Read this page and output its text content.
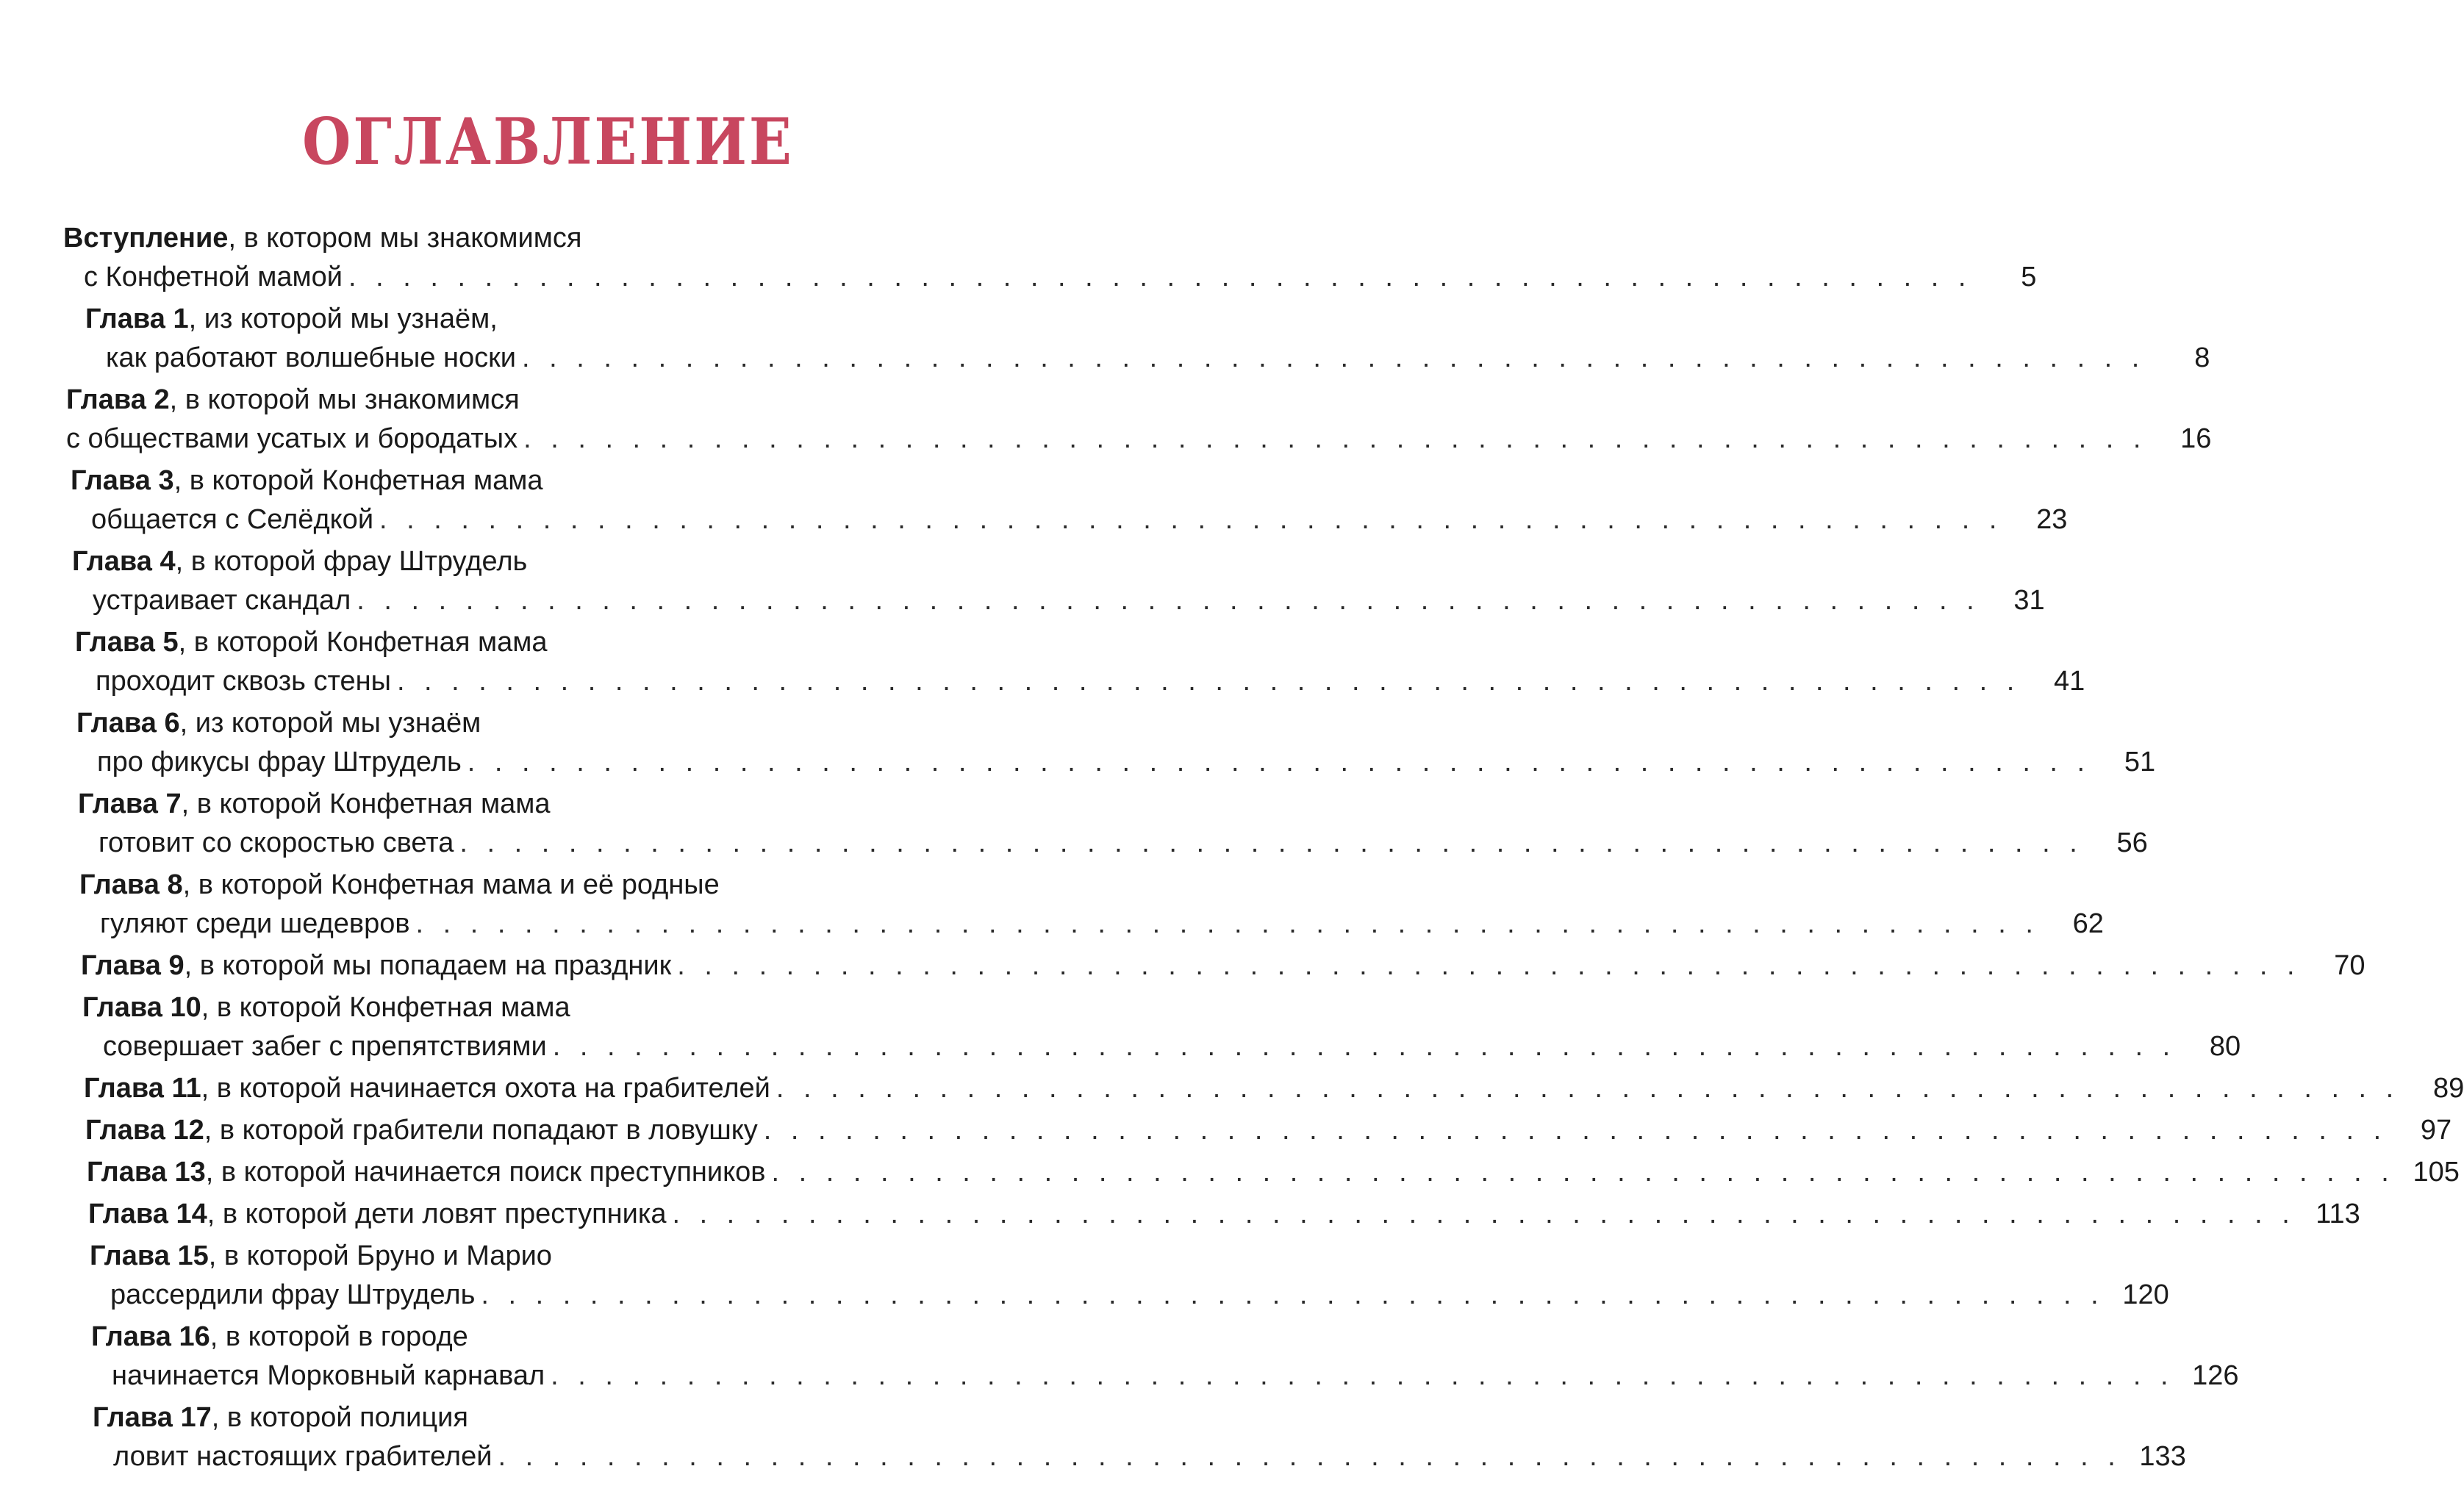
ОГЛАВЛЕНИЕ
Вступление, в котором мы знакомимся
с Конфетной мамой . . . . . . . . . . . . . . . . . . . . . . . . . . . . . . . . . . . . . . . . . . . . . . . . . . . . . . . . . . . .	5
Глава 1, из которой мы узнаём,
как работают волшебные носки . . . . . . . . . . . . . . . . . . . . . . . . . . . . . . . . . . . . . . . . . . . . . . . . . . . . . . . . . . . .	8
Глава 2, в которой мы знакомимся
с обществами усатых и бородатых . . . . . . . . . . . . . . . . . . . . . . . . . . . . . . . . . . . . . . . . . . . . . . . . . . . . . . . . . . . .	16
Глава 3, в которой Конфетная мама
общается с Селёдкой . . . . . . . . . . . . . . . . . . . . . . . . . . . . . . . . . . . . . . . . . . . . . . . . . . . . . . . . . . . .	23
Глава 4, в которой фрау Штрудель
устраивает скандал . . . . . . . . . . . . . . . . . . . . . . . . . . . . . . . . . . . . . . . . . . . . . . . . . . . . . . . . . . . .	31
Глава 5, в которой Конфетная мама
проходит сквозь стены . . . . . . . . . . . . . . . . . . . . . . . . . . . . . . . . . . . . . . . . . . . . . . . . . . . . . . . . . . . .	41
Глава 6, из которой мы узнаём
про фикусы фрау Штрудель . . . . . . . . . . . . . . . . . . . . . . . . . . . . . . . . . . . . . . . . . . . . . . . . . . . . . . . . . . . .	51
Глава 7, в которой Конфетная мама
готовит со скоростью света . . . . . . . . . . . . . . . . . . . . . . . . . . . . . . . . . . . . . . . . . . . . . . . . . . . . . . . . . . . .	56
Глава 8, в которой Конфетная мама и её родные
гуляют среди шедевров . . . . . . . . . . . . . . . . . . . . . . . . . . . . . . . . . . . . . . . . . . . . . . . . . . . . . . . . . . . .	62
Глава 9, в которой мы попадаем на праздник . . . . . . . . . . . . . . . . . . . . . . . . . . . . . . . . . . . . . . . . . . . . . . . . . . . . . . . . . . . .	70
Глава 10, в которой Конфетная мама
совершает забег с препятствиями . . . . . . . . . . . . . . . . . . . . . . . . . . . . . . . . . . . . . . . . . . . . . . . . . . . . . . . . . . . .	80
Глава 11, в которой начинается охота на грабителей . . . . . . . . . . . . . . . . . . . . . . . . . . . . . . . . . . . . . . . . . . . . . . . . . . . . . . . . . . . .	89
Глава 12, в которой грабители попадают в ловушку . . . . . . . . . . . . . . . . . . . . . . . . . . . . . . . . . . . . . . . . . . . . . . . . . . . . . . . . . . . .	97
Глава 13, в которой начинается поиск преступников . . . . . . . . . . . . . . . . . . . . . . . . . . . . . . . . . . . . . . . . . . . . . . . . . . . . . . . . . . . . 105
Глава 14, в которой дети ловят преступника . . . . . . . . . . . . . . . . . . . . . . . . . . . . . . . . . . . . . . . . . . . . . . . . . . . . . . . . . . . . 113
Глава 15, в которой Бруно и Марио
рассердили фрау Штрудель . . . . . . . . . . . . . . . . . . . . . . . . . . . . . . . . . . . . . . . . . . . . . . . . . . . . . . . . . . . . 120
Глава 16, в которой в городе
начинается Морковный карнавал . . . . . . . . . . . . . . . . . . . . . . . . . . . . . . . . . . . . . . . . . . . . . . . . . . . . . . . . . . . . 126
Глава 17, в которой полиция
ловит настоящих грабителей . . . . . . . . . . . . . . . . . . . . . . . . . . . . . . . . . . . . . . . . . . . . . . . . . . . . . . . . . . . . 133
